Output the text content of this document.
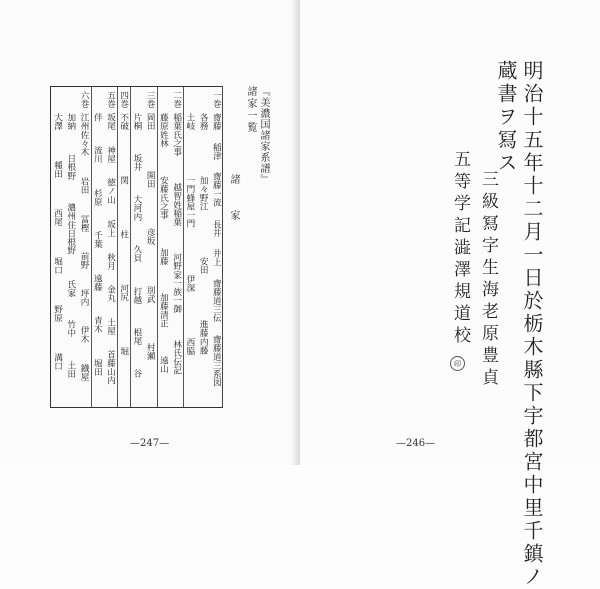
『美濃国諸家系譜』
諸家一覧
諸
家
一巻
齋藤
稲津
齋藤一流
長井
井上
齋藤道三伝
齋藤道三系図
各務
加々野江
安田
進藤内藤
土岐
一門蜂屋一門
伊深
西脇
二巻
稲葉氏之事
越智姓稲葉
河野家一族一御
林氏伝記
藤原姓林
安藤氏之事
加藤
加藤清正
遠山
三巻
岡田
開田
彦坂
別武
村瀬
片桐
坂井
大河内
久貝
打越
根尾
谷
四巻
不破
関
柱
河尻
堀
五巻
坂尾
神屋
徳ノ山
坂上
秋月
金丸
土屋
首藤山内
伴
流川
杉原
千葉
遠藤
青木
堀田
六巻
江州佐々木
岩田
冨樫
前野
坪内
伊木
鐡屋
加納
日根野
濃州住日根野
氏家
竹中
土田
大澤
種田
西尾
堀口
野原
溝口
—247—	明治十五年十二月一日於栃木縣下宇都宮中里千鎮ノ
蔵書ヲ冩ス
三級冩字生海老原豊貞
五等学記澁澤規道校
印
—246—
